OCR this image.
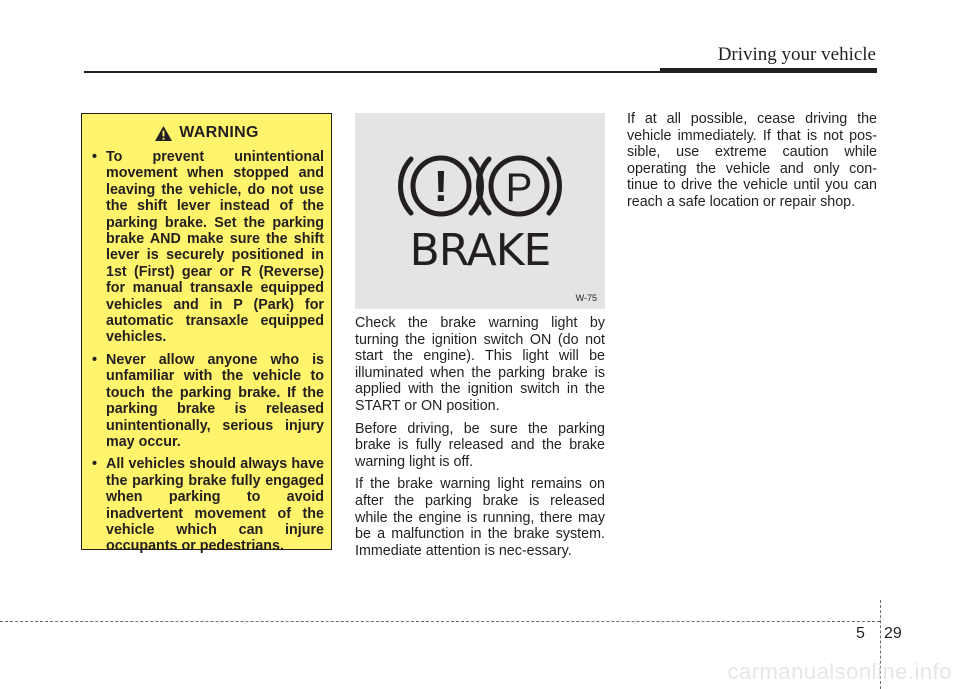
Driving your vehicle
WARNING
• To prevent unintentional movement when stopped and leaving the vehicle, do not use the shift lever instead of the parking brake. Set the parking brake AND make sure the shift lever is securely positioned in 1st (First) gear or R (Reverse) for manual transaxle equipped vehicles and in P (Park) for automatic transaxle equipped vehicles.
• Never allow anyone who is unfamiliar with the vehicle to touch the parking brake. If the parking brake is released unintentionally, serious injury may occur.
• All vehicles should always have the parking brake fully engaged when parking to avoid inadvertent movement of the vehicle which can injure occupants or pedestrians.
! P
BRAKE
W-75

Check the brake warning light by turning the ignition switch ON (do not start the engine). This light will be illuminated when the parking brake is applied with the ignition switch in the START or ON position.

Before driving, be sure the parking brake is fully released and the brake warning light is off.

If the brake warning light remains on after the parking brake is released while the engine is running, there may be a malfunction in the brake system. Immediate attention is nec-essary.

If at all possible, cease driving the vehicle immediately. If that is not pos-sible, use extreme caution while operating the vehicle and only con-tinue to drive the vehicle until you can reach a safe location or repair shop.

5 29
carmanualsonline.info
